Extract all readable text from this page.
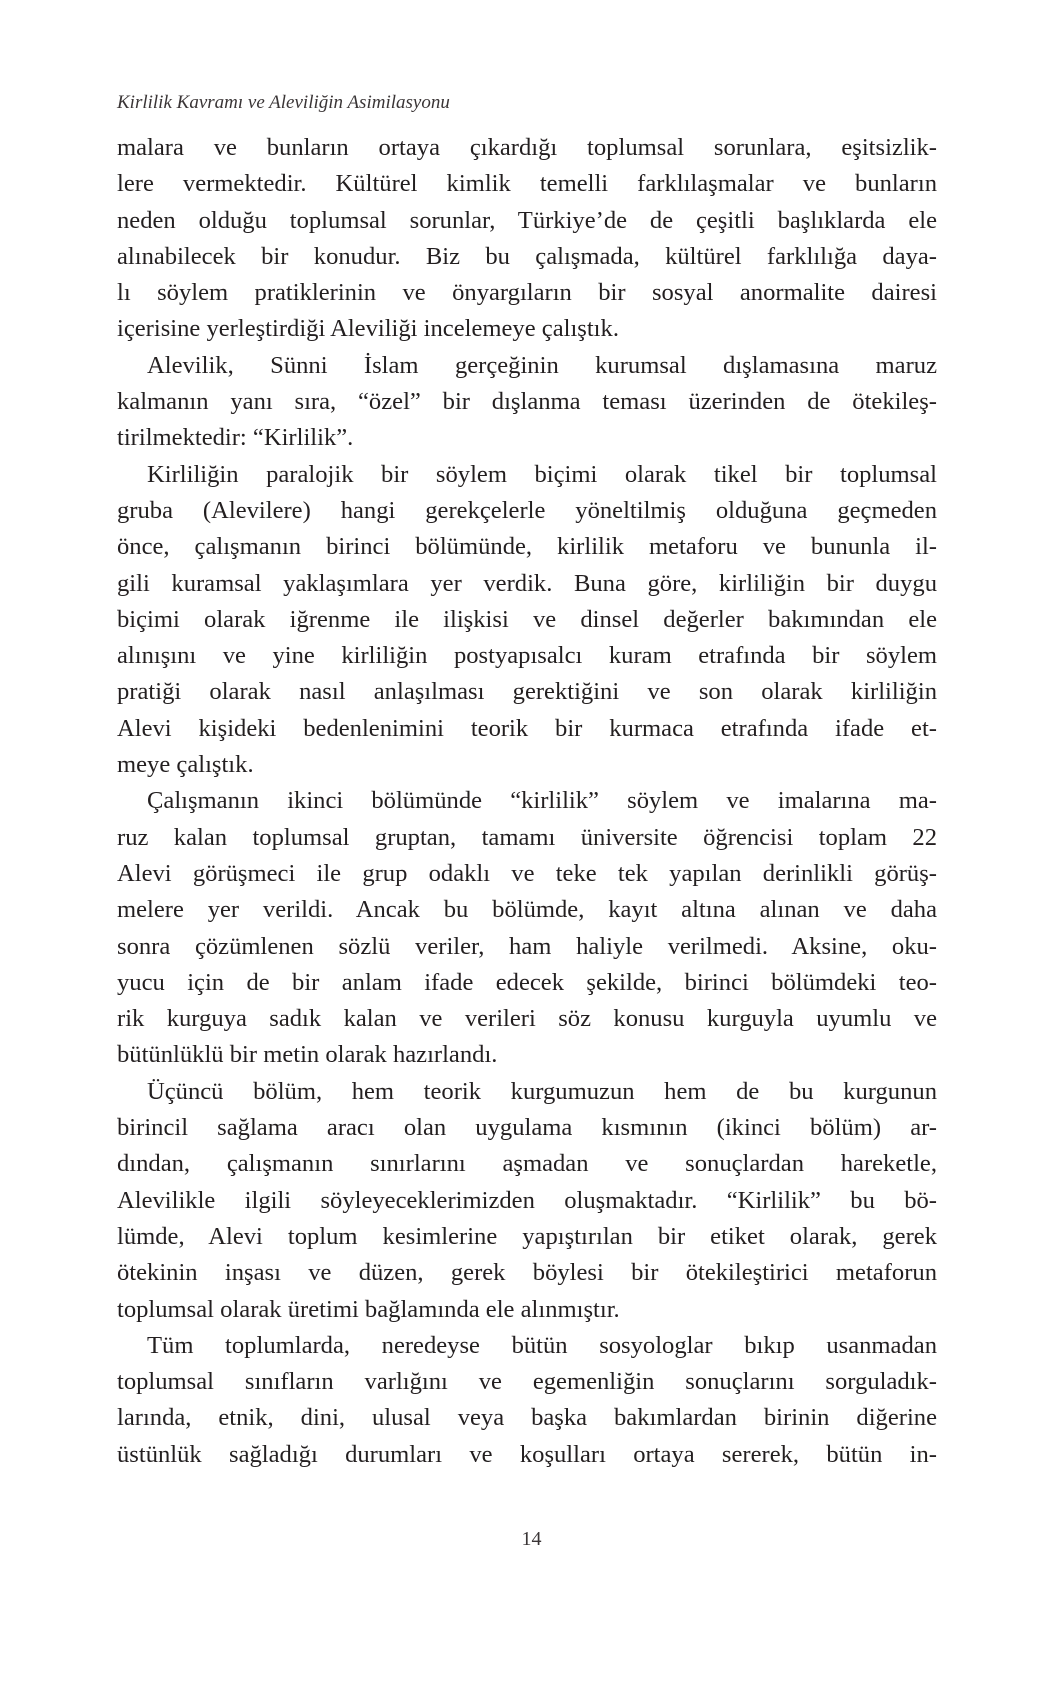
Kirlilik Kavramı ve Aleviliğin Asimilasyonu
malara ve bunların ortaya çıkardığı toplumsal sorunlara, eşitsizlik-
lere vermektedir. Kültürel kimlik temelli farklılaşmalar ve bunların
neden olduğu toplumsal sorunlar, Türkiye’de de çeşitli başlıklarda ele
alınabilecek bir konudur. Biz bu çalışmada, kültürel farklılığa daya-
lı söylem pratiklerinin ve önyargıların bir sosyal anormalite dairesi
içerisine yerleştirdiği Aleviliği incelemeye çalıştık.
Alevilik, Sünni İslam gerçeğinin kurumsal dışlamasına maruz
kalmanın yanı sıra, “özel” bir dışlanma teması üzerinden de ötekileş-
tirilmektedir: “Kirlilik”.
Kirliliğin paralojik bir söylem biçimi olarak tikel bir toplumsal
gruba (Alevilere) hangi gerekçelerle yöneltilmiş olduğuna geçmeden
önce, çalışmanın birinci bölümünde, kirlilik metaforu ve bununla il-
gili kuramsal yaklaşımlara yer verdik. Buna göre, kirliliğin bir duygu
biçimi olarak iğrenme ile ilişkisi ve dinsel değerler bakımından ele
alınışını ve yine kirliliğin postyapısalcı kuram etrafında bir söylem
pratiği olarak nasıl anlaşılması gerektiğini ve son olarak kirliliğin
Alevi kişideki bedenlenimini teorik bir kurmaca etrafında ifade et-
meye çalıştık.
Çalışmanın ikinci bölümünde “kirlilik” söylem ve imalarına ma-
ruz kalan toplumsal gruptan, tamamı üniversite öğrencisi toplam 22
Alevi görüşmeci ile grup odaklı ve teke tek yapılan derinlikli görüş-
melere yer verildi. Ancak bu bölümde, kayıt altına alınan ve daha
sonra çözümlenen sözlü veriler, ham haliyle verilmedi. Aksine, oku-
yucu için de bir anlam ifade edecek şekilde, birinci bölümdeki teo-
rik kurguya sadık kalan ve verileri söz konusu kurguyla uyumlu ve
bütünlüklü bir metin olarak hazırlandı.
Üçüncü bölüm, hem teorik kurgumuzun hem de bu kurgunun
birincil sağlama aracı olan uygulama kısmının (ikinci bölüm) ar-
dından, çalışmanın sınırlarını aşmadan ve sonuçlardan hareketle,
Alevilikle ilgili söyleyeceklerimizden oluşmaktadır. “Kirlilik” bu bö-
lümde, Alevi toplum kesimlerine yapıştırılan bir etiket olarak, gerek
ötekinin inşası ve düzen, gerek böylesi bir ötekileştirici metaforun
toplumsal olarak üretimi bağlamında ele alınmıştır.
Tüm toplumlarda, neredeyse bütün sosyologlar bıkıp usanmadan
toplumsal sınıfların varlığını ve egemenliğin sonuçlarını sorguladık-
larında, etnik, dini, ulusal veya başka bakımlardan birinin diğerine
üstünlük sağladığı durumları ve koşulları ortaya sererek, bütün in-
14
